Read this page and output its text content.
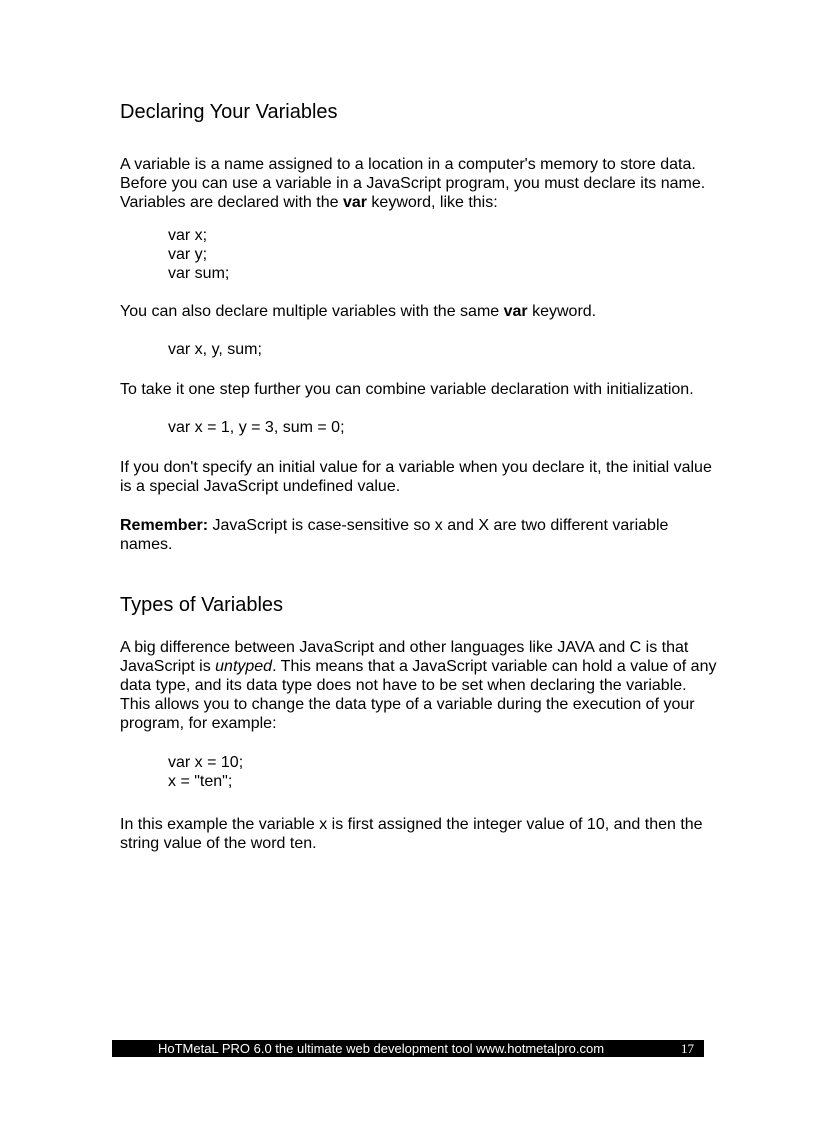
Declaring Your Variables

A variable is a name assigned to a location in a computer's memory to store data. Before you can use a variable in a JavaScript program, you must declare its name. Variables are declared with the var keyword, like this:

var x;
var y;
var sum;

You can also declare multiple variables with the same var keyword.

var x, y, sum;

To take it one step further you can combine variable declaration with initialization.

var x = 1, y = 3, sum = 0;

If you don't specify an initial value for a variable when you declare it, the initial value is a special JavaScript undefined value.

Remember: JavaScript is case-sensitive so x and X are two different variable names.

Types of Variables

A big difference between JavaScript and other languages like JAVA and C is that JavaScript is untyped. This means that a JavaScript variable can hold a value of any data type, and its data type does not have to be set when declaring the variable. This allows you to change the data type of a variable during the execution of your program, for example:

var x = 10;
x = "ten";

In this example the variable x is first assigned the integer value of 10, and then the string value of the word ten.

HoTMetaL PRO 6.0 the ultimate web development tool www.hotmetalpro.com	17
